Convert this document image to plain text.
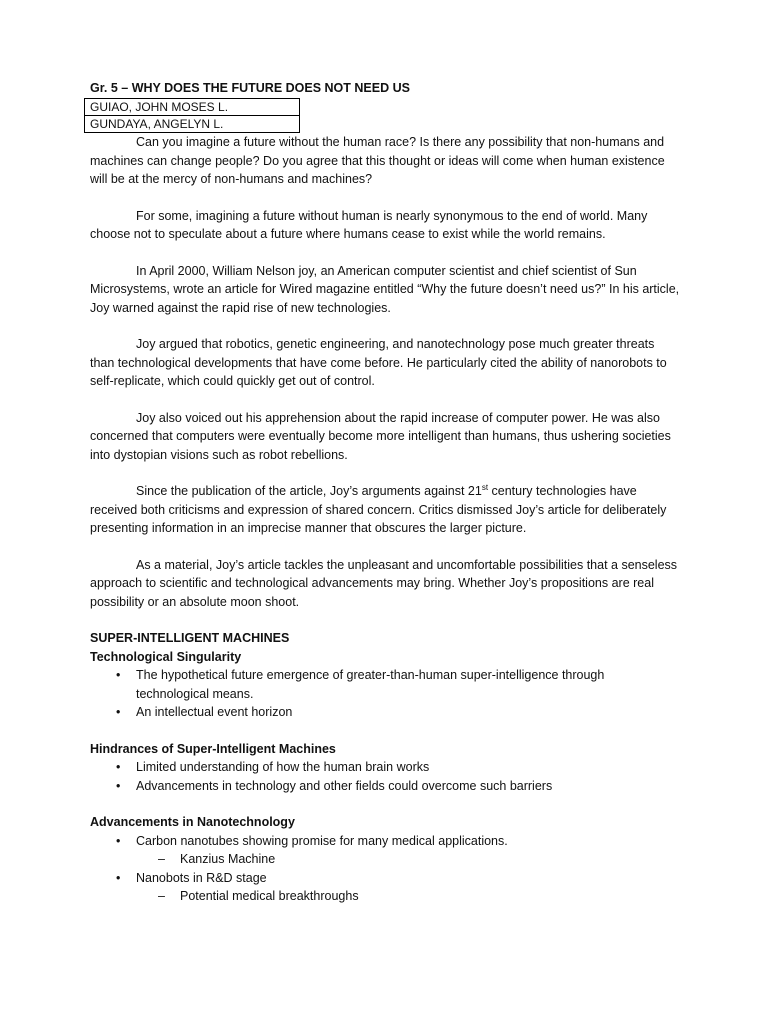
Gr. 5 – WHY DOES THE FUTURE DOES NOT NEED US
GUIAO, JOHN MOSES L.
GUNDAYA, ANGELYN L.

Can you imagine a future without the human race? Is there any possibility that non-humans and machines can change people? Do you agree that this thought or ideas will come when human existence will be at the mercy of non-humans and machines?

For some, imagining a future without human is nearly synonymous to the end of world. Many choose not to speculate about a future where humans cease to exist while the world remains.

In April 2000, William Nelson joy, an American computer scientist and chief scientist of Sun Microsystems, wrote an article for Wired magazine entitled “Why the future doesn’t need us?” In his article, Joy warned against the rapid rise of new technologies.

Joy argued that robotics, genetic engineering, and nanotechnology pose much greater threats than technological developments that have come before. He particularly cited the ability of nanorobots to self-replicate, which could quickly get out of control.

Joy also voiced out his apprehension about the rapid increase of computer power. He was also concerned that computers were eventually become more intelligent than humans, thus ushering societies into dystopian visions such as robot rebellions.

Since the publication of the article, Joy’s arguments against 21st century technologies have received both criticisms and expression of shared concern. Critics dismissed Joy’s article for deliberately presenting information in an imprecise manner that obscures the larger picture.

As a material, Joy’s article tackles the unpleasant and uncomfortable possibilities that a senseless approach to scientific and technological advancements may bring. Whether Joy’s propositions are real possibility or an absolute moon shoot.

SUPER-INTELLIGENT MACHINES
Technological Singularity
• The hypothetical future emergence of greater-than-human super-intelligence through technological means.
• An intellectual event horizon
Hindrances of Super-Intelligent Machines
• Limited understanding of how the human brain works
• Advancements in technology and other fields could overcome such barriers
Advancements in Nanotechnology
• Carbon nanotubes showing promise for many medical applications.
– Kanzius Machine
• Nanobots in R&D stage
– Potential medical breakthroughs
